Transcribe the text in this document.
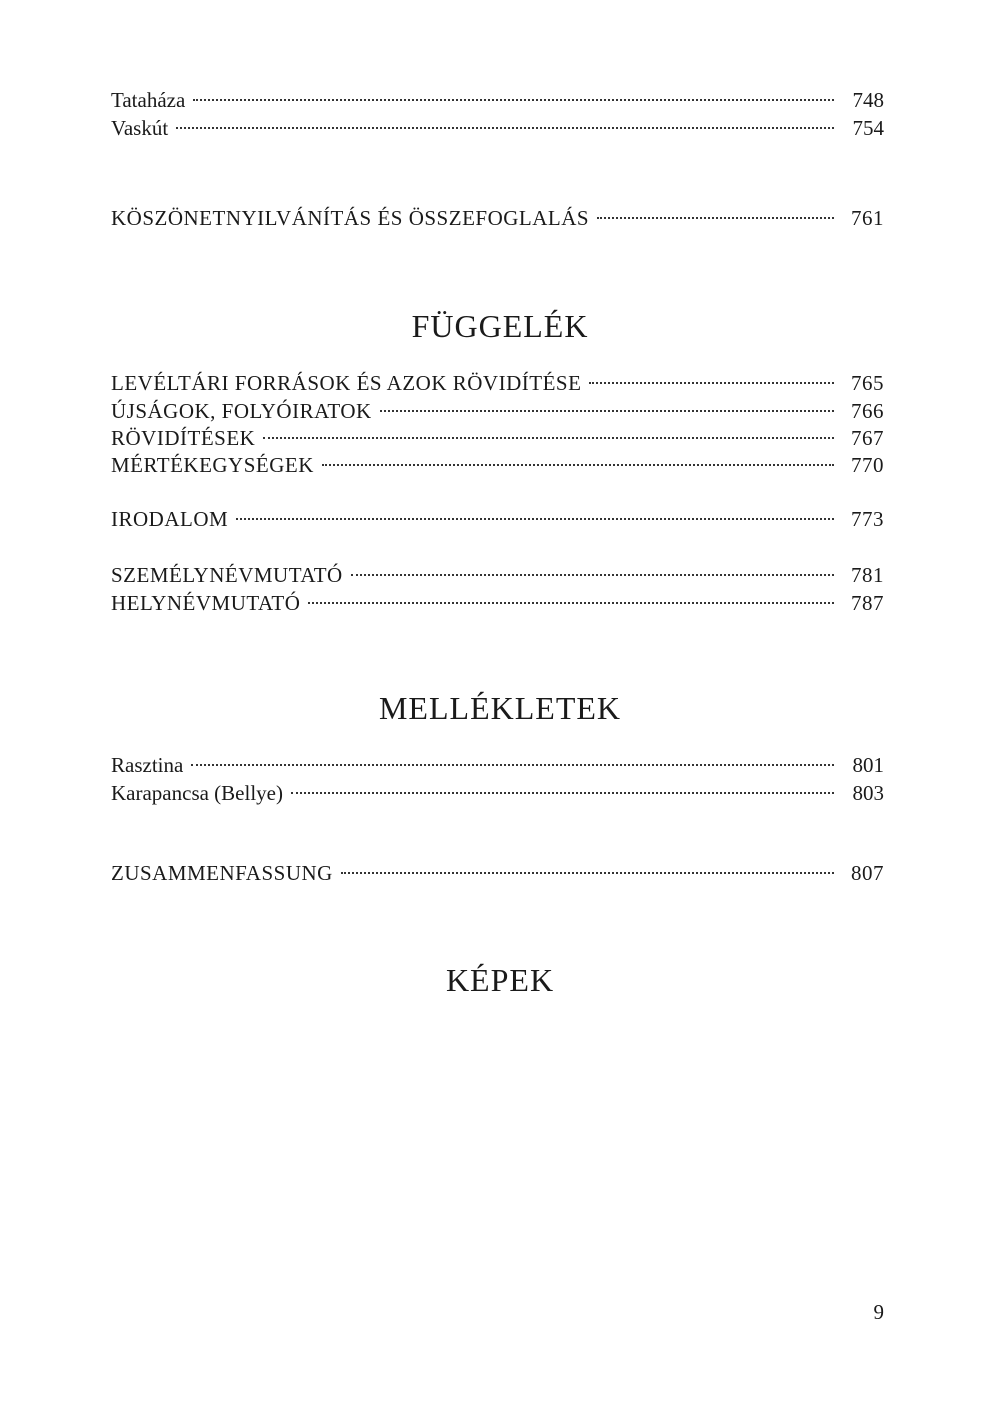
Tataháza	748
Vaskút	754
KÖSZÖNETNYILVÁNÍTÁS ÉS ÖSSZEFOGLALÁS	761
FÜGGELÉK
LEVÉLTÁRI FORRÁSOK ÉS AZOK RÖVIDÍTÉSE	765
ÚJSÁGOK, FOLYÓIRATOK	766
RÖVIDÍTÉSEK	767
MÉRTÉKEGYSÉGEK	770
IRODALOM	773
SZEMÉLYNÉVMUTATÓ	781
HELYNÉVMUTATÓ	787
MELLÉKLETEK
Rasztina	801
Karapancsa (Bellye)	803
ZUSAMMENFASSUNG	807
KÉPEK
9
